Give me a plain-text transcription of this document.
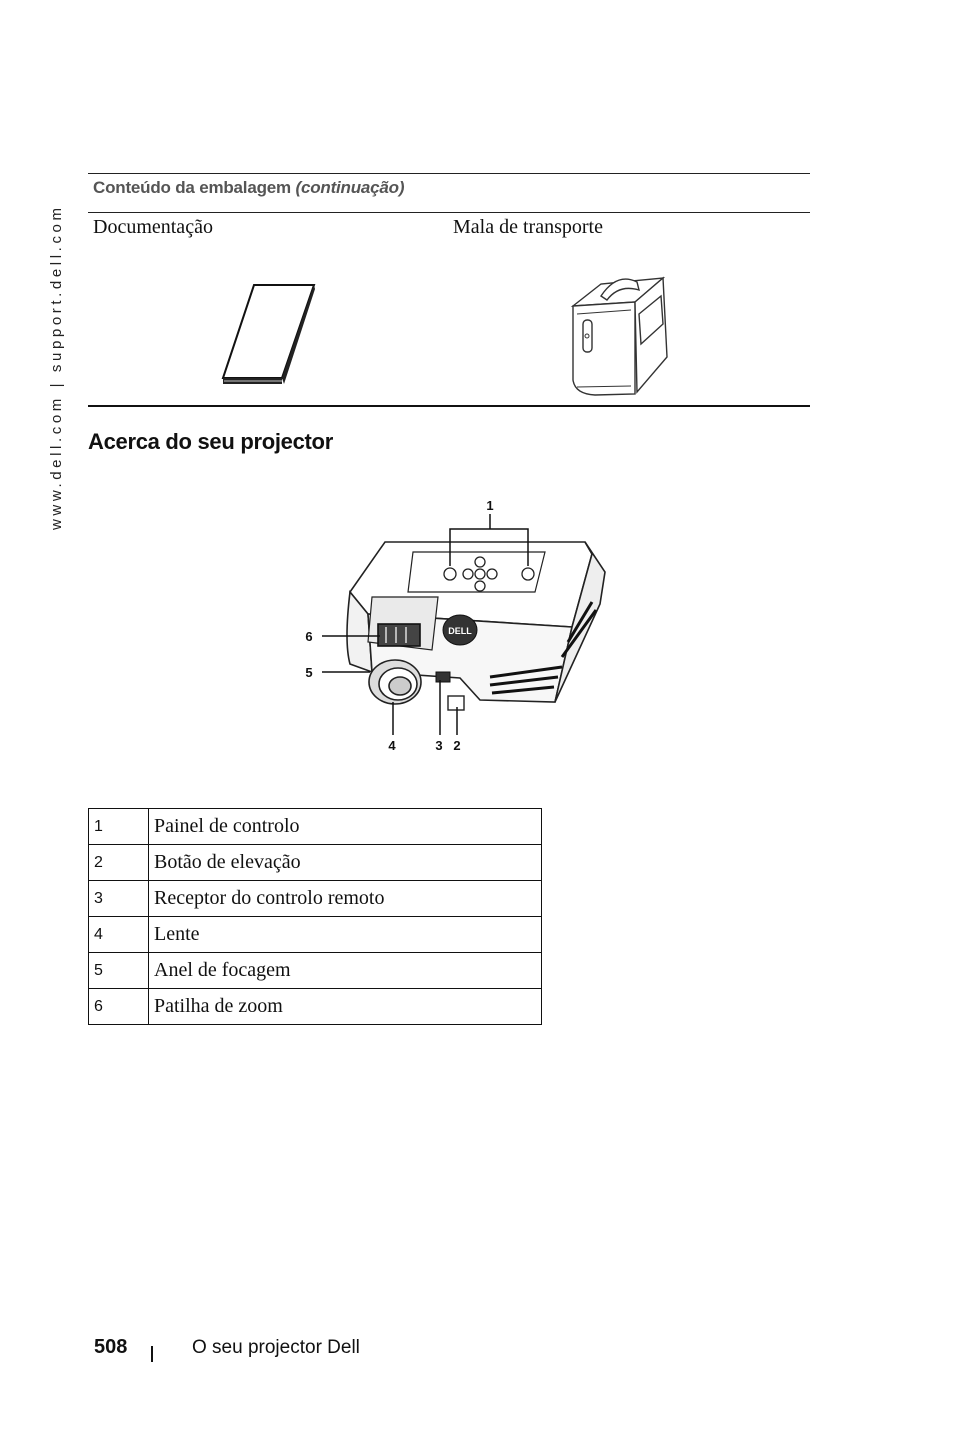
www.dell.com | support.dell.com
Conteúdo da embalagem (continuação)
Documentação	Mala de transporte
Acerca do seu projector
DELL
1
2
3
4
5
6
1	Painel de controlo
2	Botão de elevação
3	Receptor do controlo remoto
4	Lente
5	Anel de focagem
6	Patilha de zoom
508	O seu projector Dell
